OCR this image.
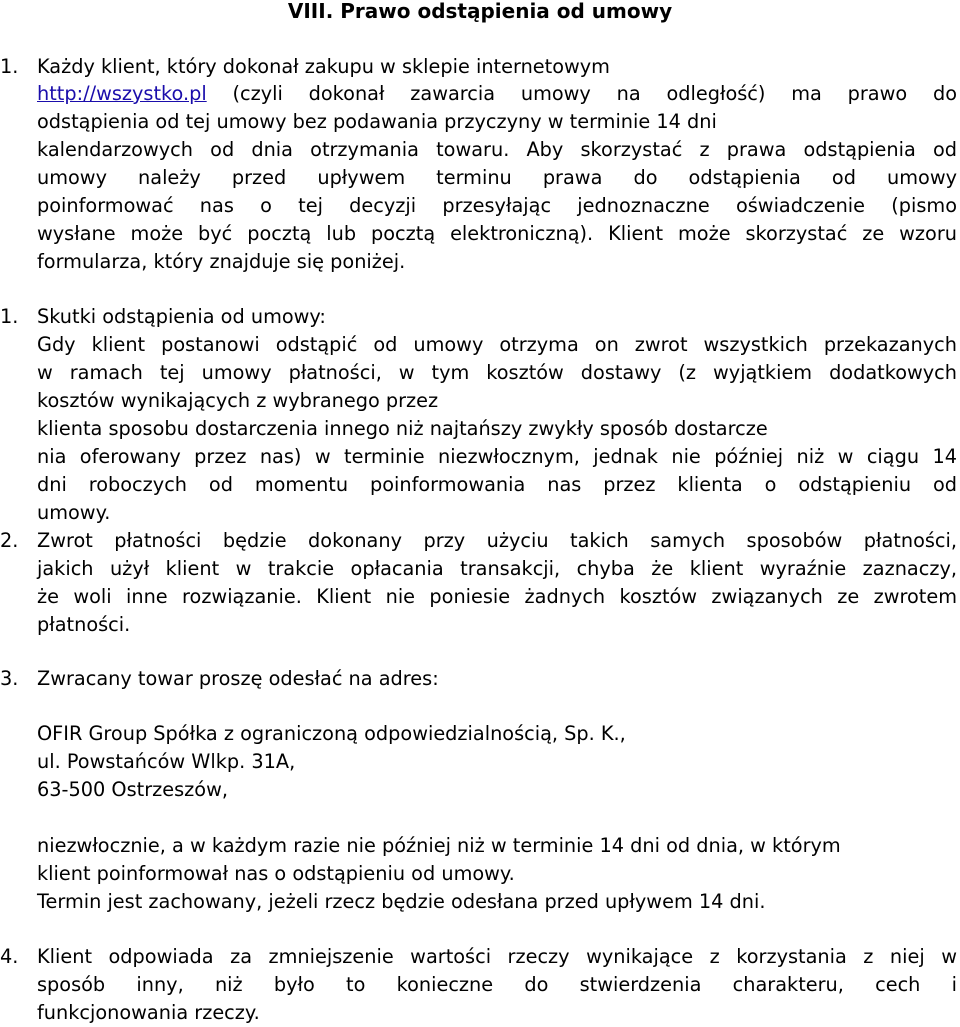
VIII. Prawo odstąpienia od umowy
1. Każdy klient, który dokonał zakupu w sklepie internetowym
http://wszystko.pl (czyli dokonał zawarcia umowy na odległość) ma prawo do
odstąpienia od tej umowy bez podawania przyczyny w terminie 14 dni
kalendarzowych od dnia otrzymania towaru. Aby skorzystać z prawa odstąpienia od
umowy należy przed upływem terminu prawa do odstąpienia od umowy
poinformować nas o tej decyzji przesyłając jednoznaczne oświadczenie (pismo
wysłane może być pocztą lub pocztą elektroniczną). Klient może skorzystać ze wzoru
formularza, który znajduje się poniżej.
1. Skutki odstąpienia od umowy:
Gdy klient postanowi odstąpić od umowy otrzyma on zwrot wszystkich przekazanych
w ramach tej umowy płatności, w tym kosztów dostawy (z wyjątkiem dodatkowych
kosztów wynikających z wybranego przez
klienta sposobu dostarczenia innego niż najtańszy zwykły sposób dostarcze
nia oferowany przez nas) w terminie niezwłocznym, jednak nie później niż w ciągu 14
dni roboczych od momentu poinformowania nas przez klienta o odstąpieniu od
umowy.
2. Zwrot płatności będzie dokonany przy użyciu takich samych sposobów płatności,
jakich użył klient w trakcie opłacania transakcji, chyba że klient wyraźnie zaznaczy,
że woli inne rozwiązanie. Klient nie poniesie żadnych kosztów związanych ze zwrotem
płatności.
3. Zwracany towar proszę odesłać na adres:
OFIR Group Spółka z ograniczoną odpowiedzialnością, Sp. K.,
ul. Powstańców Wlkp. 31A,
63-500 Ostrzeszów,
niezwłocznie, a w każdym razie nie później niż w terminie 14 dni od dnia, w którym
klient poinformował nas o odstąpieniu od umowy.
Termin jest zachowany, jeżeli rzecz będzie odesłana przed upływem 14 dni.
4. Klient odpowiada za zmniejszenie wartości rzeczy wynikające z korzystania z niej w
sposób inny, niż było to konieczne do stwierdzenia charakteru, cech i
funkcjonowania rzeczy.
